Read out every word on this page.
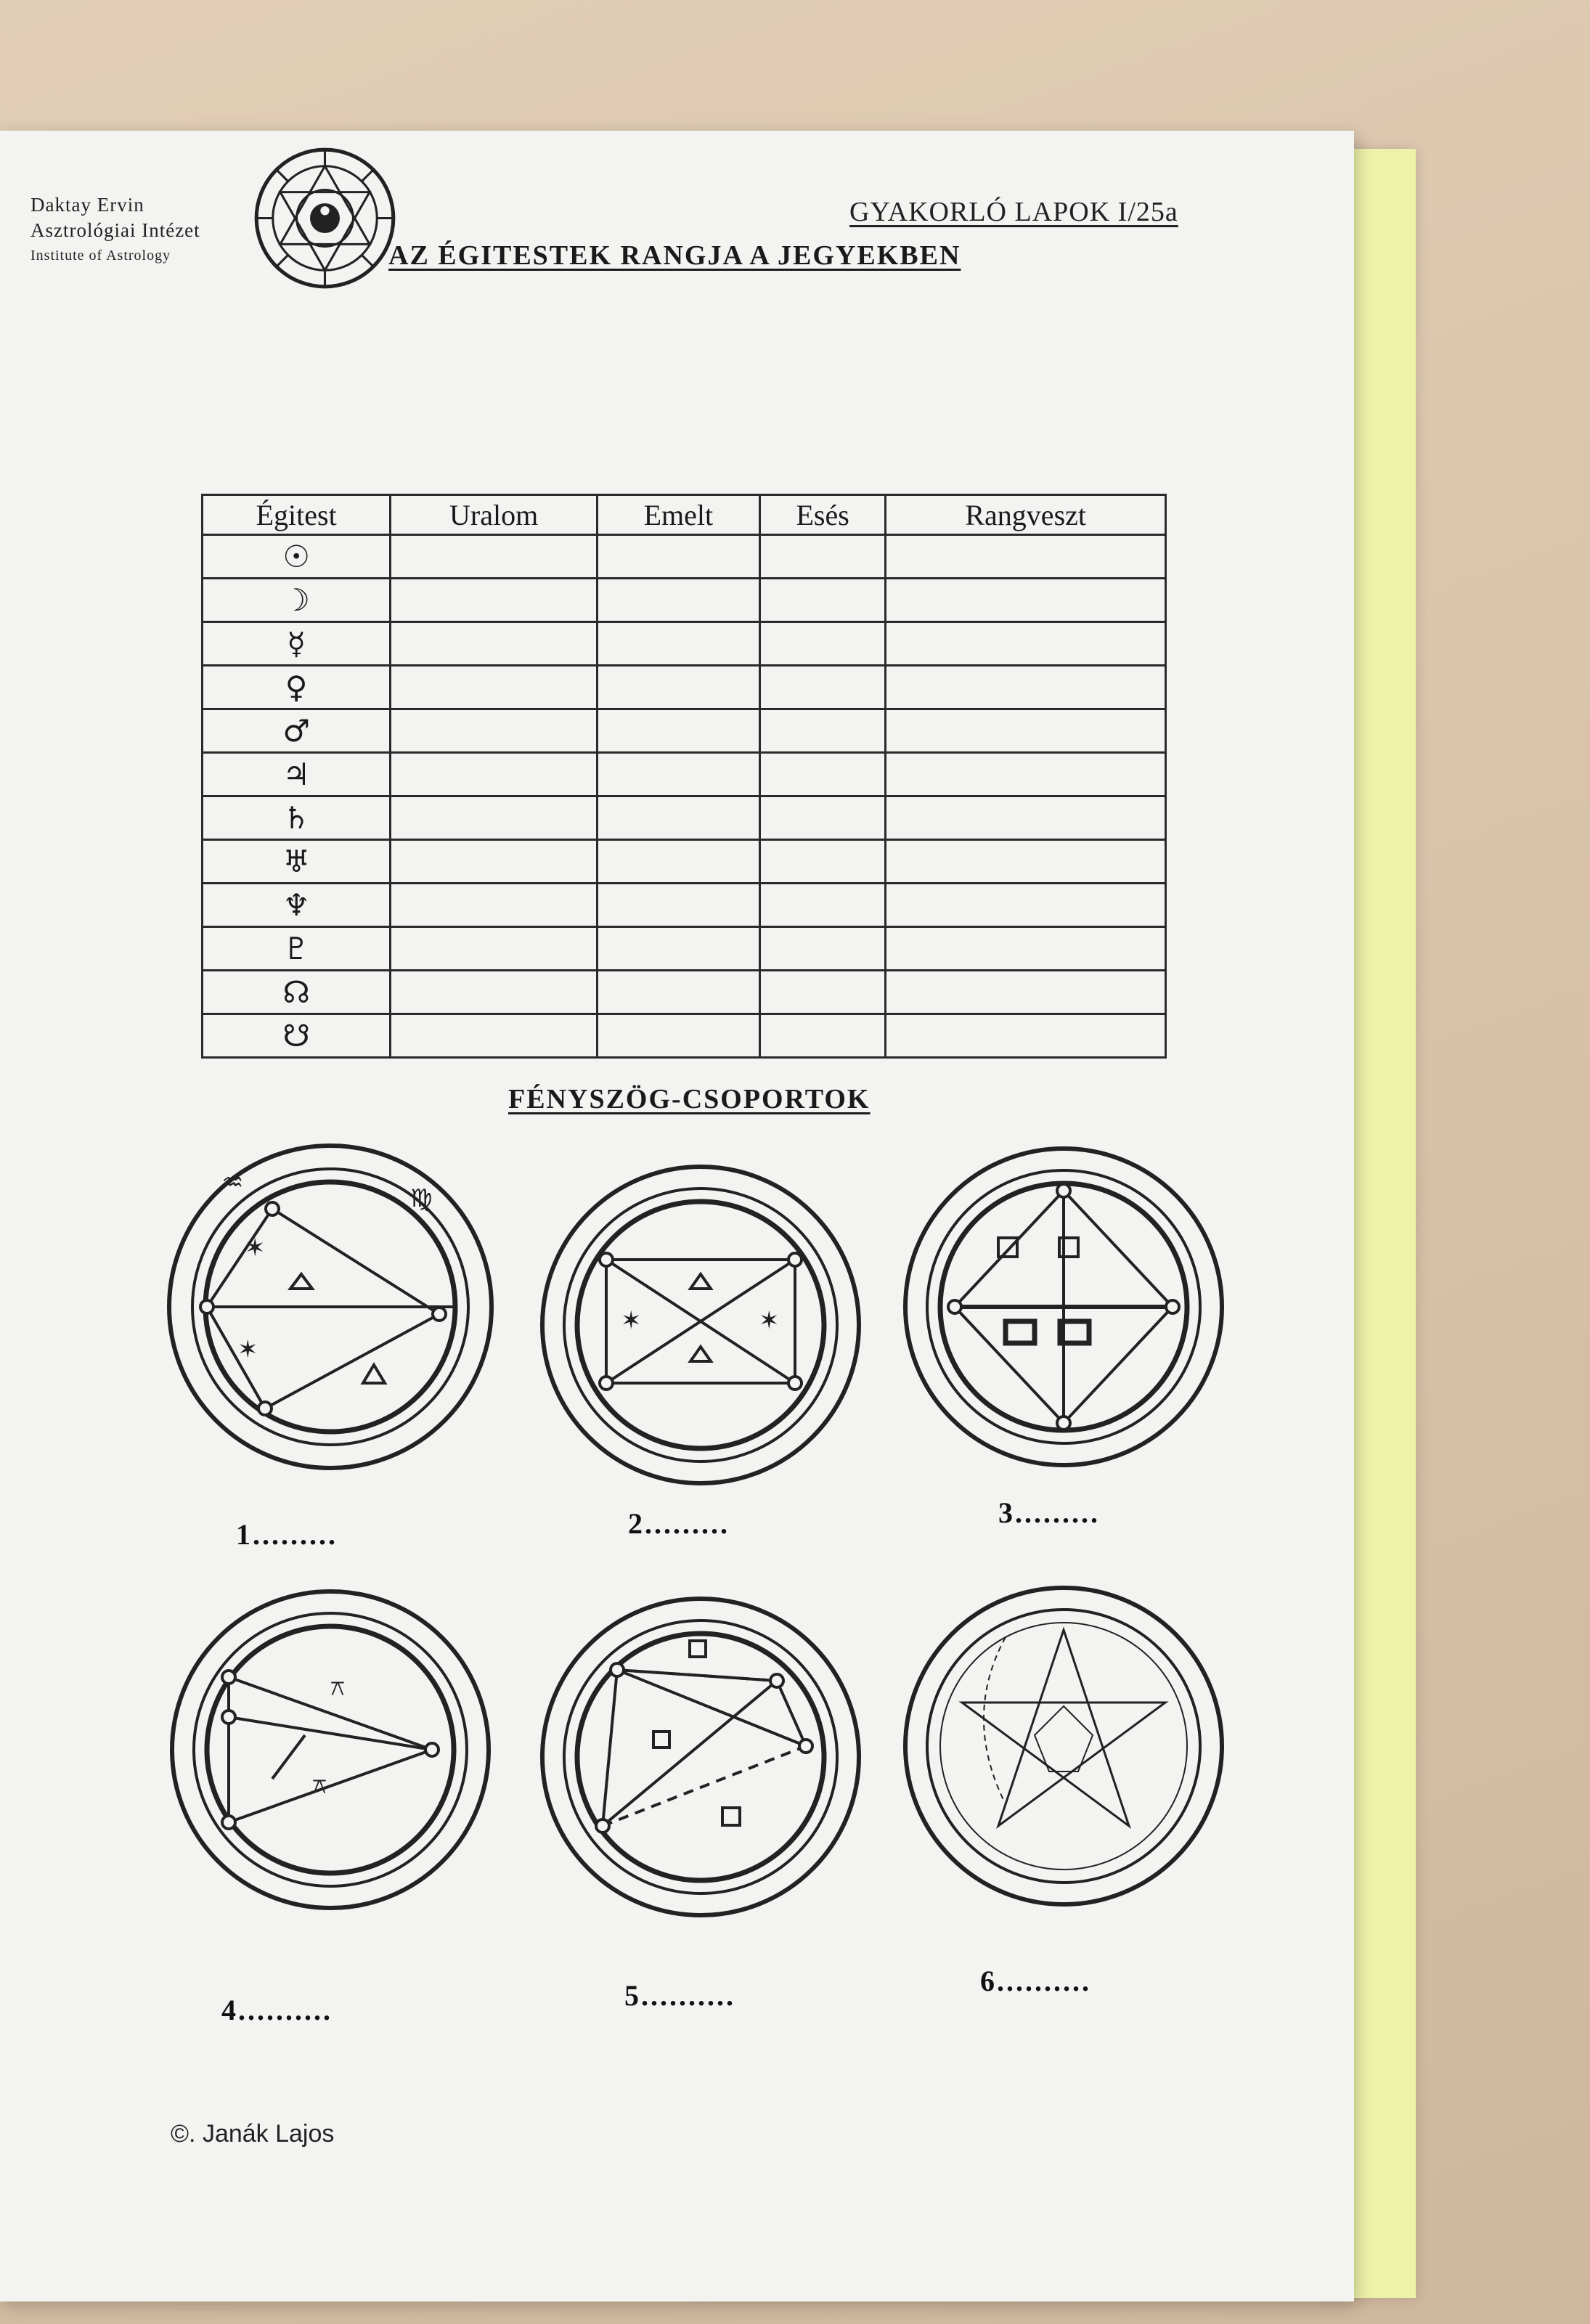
Daktay Ervin
Asztrológiai Intézet
Institute of Astrology
GYAKORLÓ LAPOK I/25a
AZ ÉGITESTEK RANGJA A JEGYEKBEN
Égitest	Uralom	Emelt	Esés	Rangveszt
☉				
☽				
☿				
♀				
♂				
♃				
♄				
♅				
♆				
♇				
☊				
☋				
FÉNYSZÖG-CSOPORTOK
✶
✶
♒
♍
✶	✶
⚻
⚻
1.........	2.........	3.........
4..........	5..........	6..........
©. Janák Lajos
